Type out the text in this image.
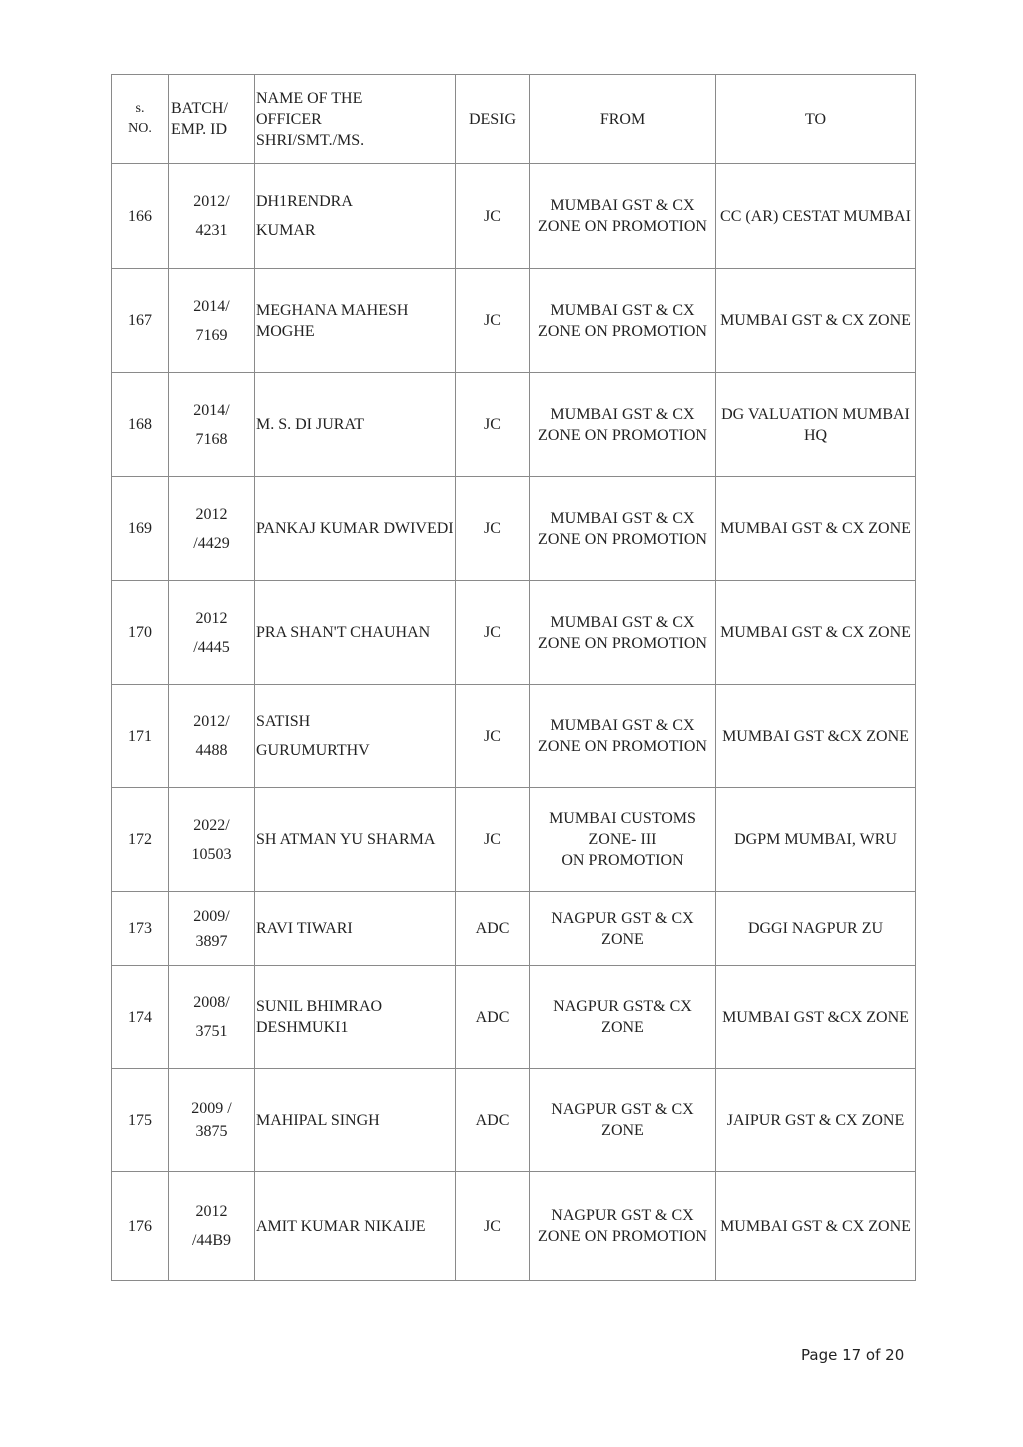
s.
NO.	BATCH/
EMP. ID	NAME OF THE
OFFICER
SHRI/SMT./MS.	DESIG	FROM	TO
166	2012/
4231	DH1RENDRA
KUMAR	JC	MUMBAI GST & CX
ZONE ON PROMOTION	CC (AR) CESTAT MUMBAI

167	2014/
7169	MEGHANA MAHESH
MOGHE	JC	MUMBAI GST & CX
ZONE ON PROMOTION	MUMBAI GST & CX ZONE

168	2014/
7168	M. S. DI JURAT	JC	MUMBAI GST & CX
ZONE ON PROMOTION	DG VALUATION MUMBAI
HQ

169	2012
/4429	PANKAJ KUMAR DWIVEDI	JC	MUMBAI GST & CX
ZONE ON PROMOTION	MUMBAI GST & CX ZONE

170	2012
/4445	PRA SHAN'T CHAUHAN	JC	MUMBAI GST & CX
ZONE ON PROMOTION	MUMBAI GST & CX ZONE

171	2012/
4488	SATISH
GURUMURTHV	JC	MUMBAI GST & CX
ZONE ON PROMOTION	MUMBAI GST &CX ZONE

172	2022/
10503	SH ATMAN YU SHARMA	JC	MUMBAI CUSTOMS
ZONE- III
ON PROMOTION	DGPM MUMBAI, WRU

173	2009/
3897	RAVI TIWARI	ADC	NAGPUR GST & CX
ZONE	DGGI NAGPUR ZU

174	2008/
3751	SUNIL BHIMRAO
DESHMUKI1	ADC	NAGPUR GST& CX ZONE	MUMBAI GST &CX ZONE

175	2009 /
3875	MAHIPAL SINGH	ADC	NAGPUR GST & CX
ZONE	JAIPUR GST & CX ZONE

176	2012
/44B9	AMIT KUMAR NIKAIJE	JC	NAGPUR GST & CX
ZONE ON PROMOTION	MUMBAI GST & CX ZONE
Page 17 of 20
